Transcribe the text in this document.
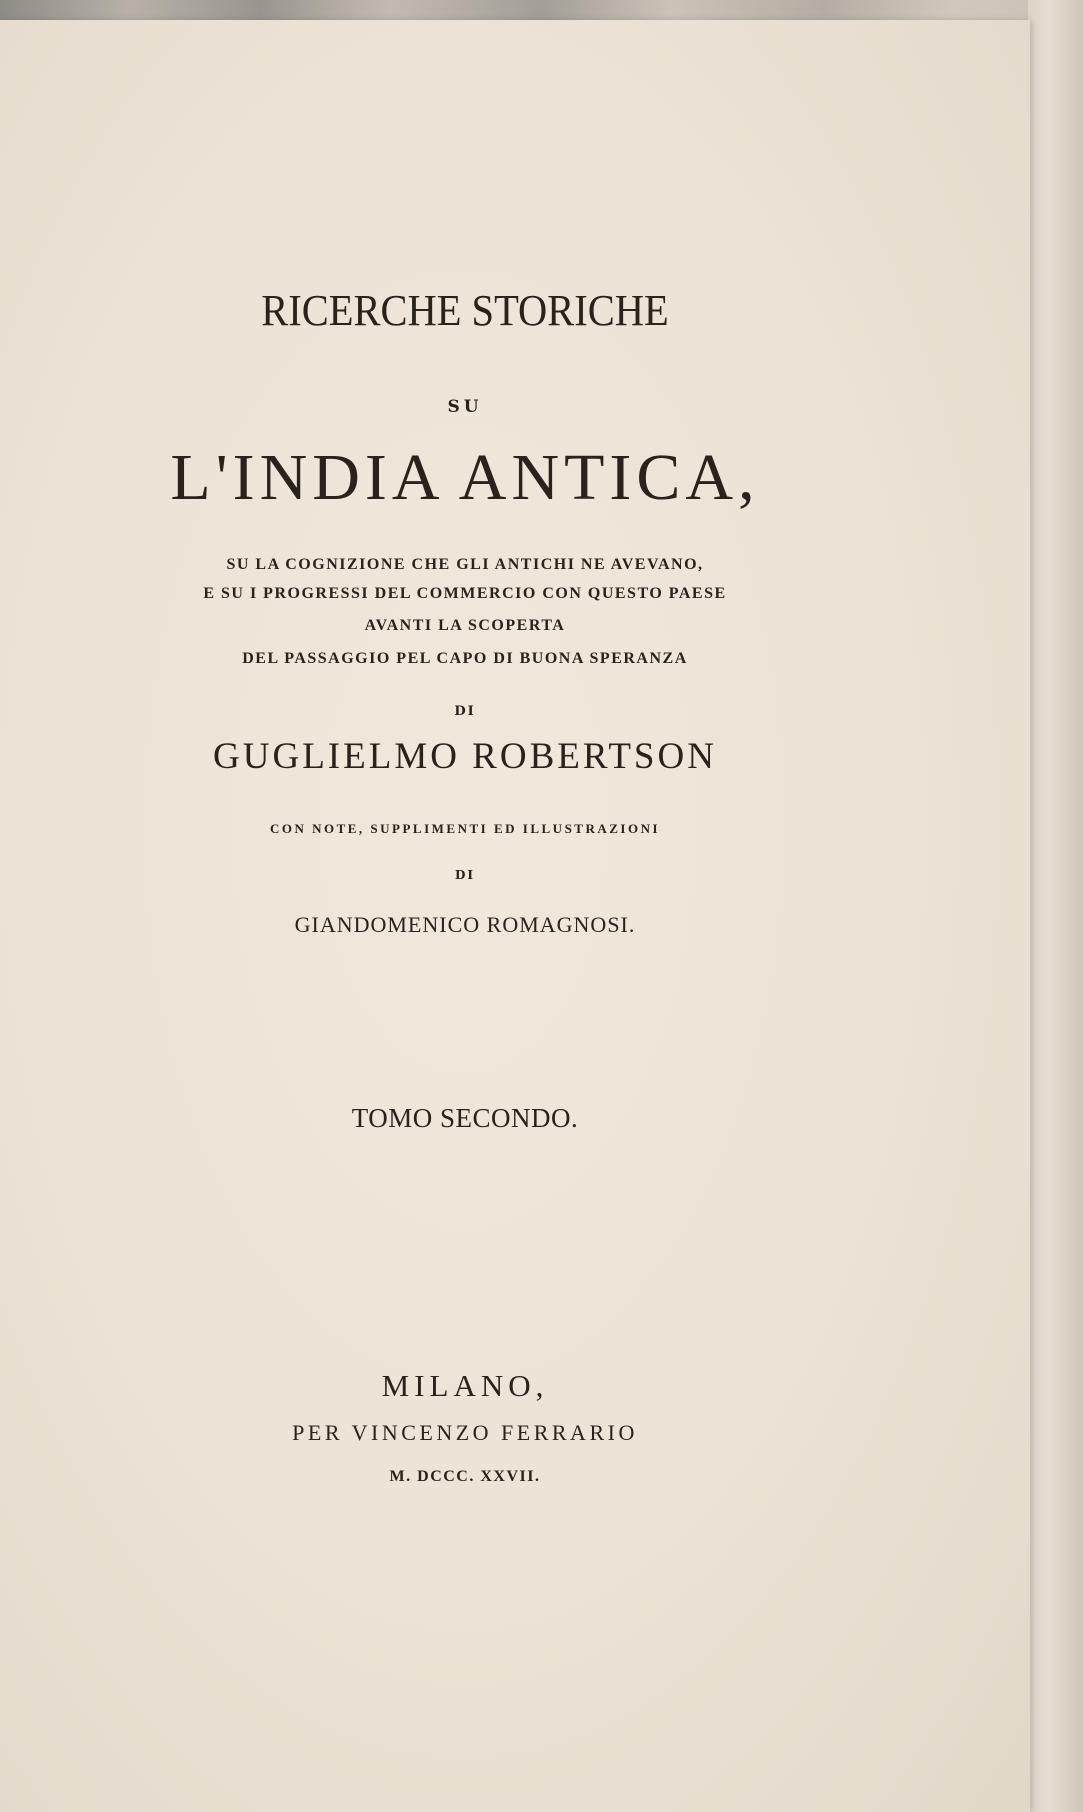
RICERCHE STORICHE
SU
L'INDIA ANTICA,
SU LA COGNIZIONE CHE GLI ANTICHI NE AVEVANO,
E SU I PROGRESSI DEL COMMERCIO CON QUESTO PAESE
AVANTI LA SCOPERTA
DEL PASSAGGIO PEL CAPO DI BUONA SPERANZA
DI
GUGLIELMO ROBERTSON
CON NOTE, SUPPLIMENTI ED ILLUSTRAZIONI
DI
GIANDOMENICO ROMAGNOSI.
TOMO SECONDO.
MILANO,
PER VINCENZO FERRARIO
M. DCCC. XXVII.
